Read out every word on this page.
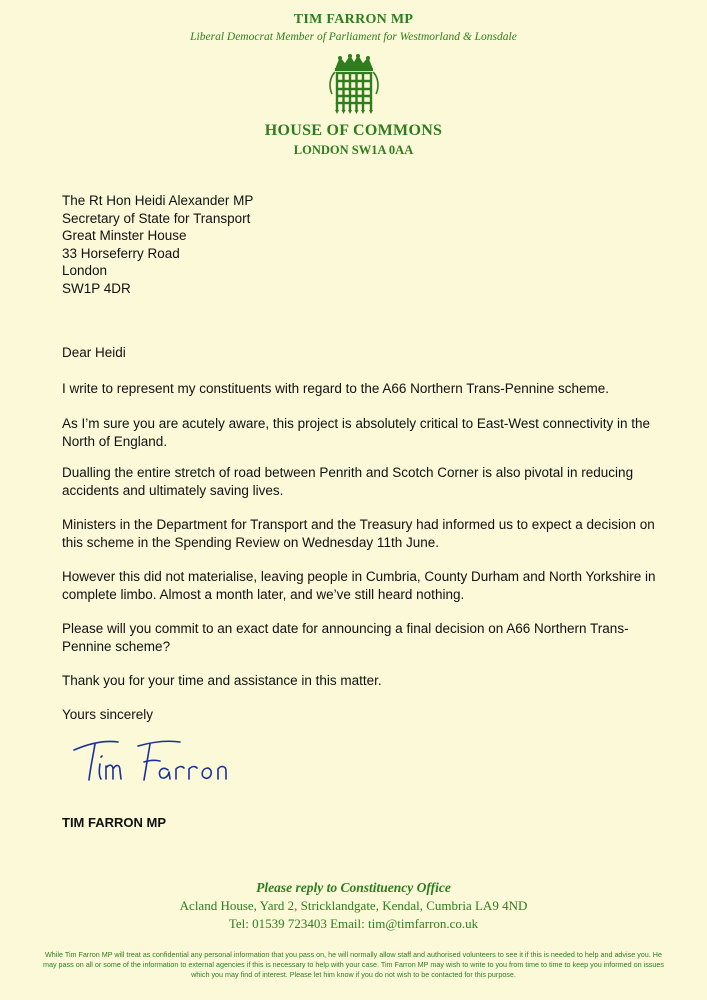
TIM FARRON MP
Liberal Democrat Member of Parliament for Westmorland & Lonsdale
HOUSE OF COMMONS
LONDON SW1A 0AA
The Rt Hon Heidi Alexander MP
Secretary of State for Transport
Great Minster House
33 Horseferry Road
London
SW1P 4DR
Dear Heidi

I write to represent my constituents with regard to the A66 Northern Trans-Pennine scheme.

As I’m sure you are acutely aware, this project is absolutely critical to East-West connectivity in the North of England.

Dualling the entire stretch of road between Penrith and Scotch Corner is also pivotal in reducing accidents and ultimately saving lives.

Ministers in the Department for Transport and the Treasury had informed us to expect a decision on this scheme in the Spending Review on Wednesday 11th June.

However this did not materialise, leaving people in Cumbria, County Durham and North Yorkshire in complete limbo. Almost a month later, and we’ve still heard nothing.

Please will you commit to an exact date for announcing a final decision on A66 Northern Trans-Pennine scheme?

Thank you for your time and assistance in this matter.

Yours sincerely

TIM FARRON MP
Please reply to Constituency Office
Acland House, Yard 2, Stricklandgate, Kendal, Cumbria LA9 4ND
Tel: 01539 723403 Email: tim@timfarron.co.uk
While Tim Farron MP will treat as confidential any personal information that you pass on, he will normally allow staff and authorised volunteers to see it if this is needed to help and advise you. He may pass on all or some of the information to external agencies if this is necessary to help with your case. Tim Farron MP may wish to write to you from time to time to keep you informed on issues which you may find of interest. Please let him know if you do not wish to be contacted for this purpose.
